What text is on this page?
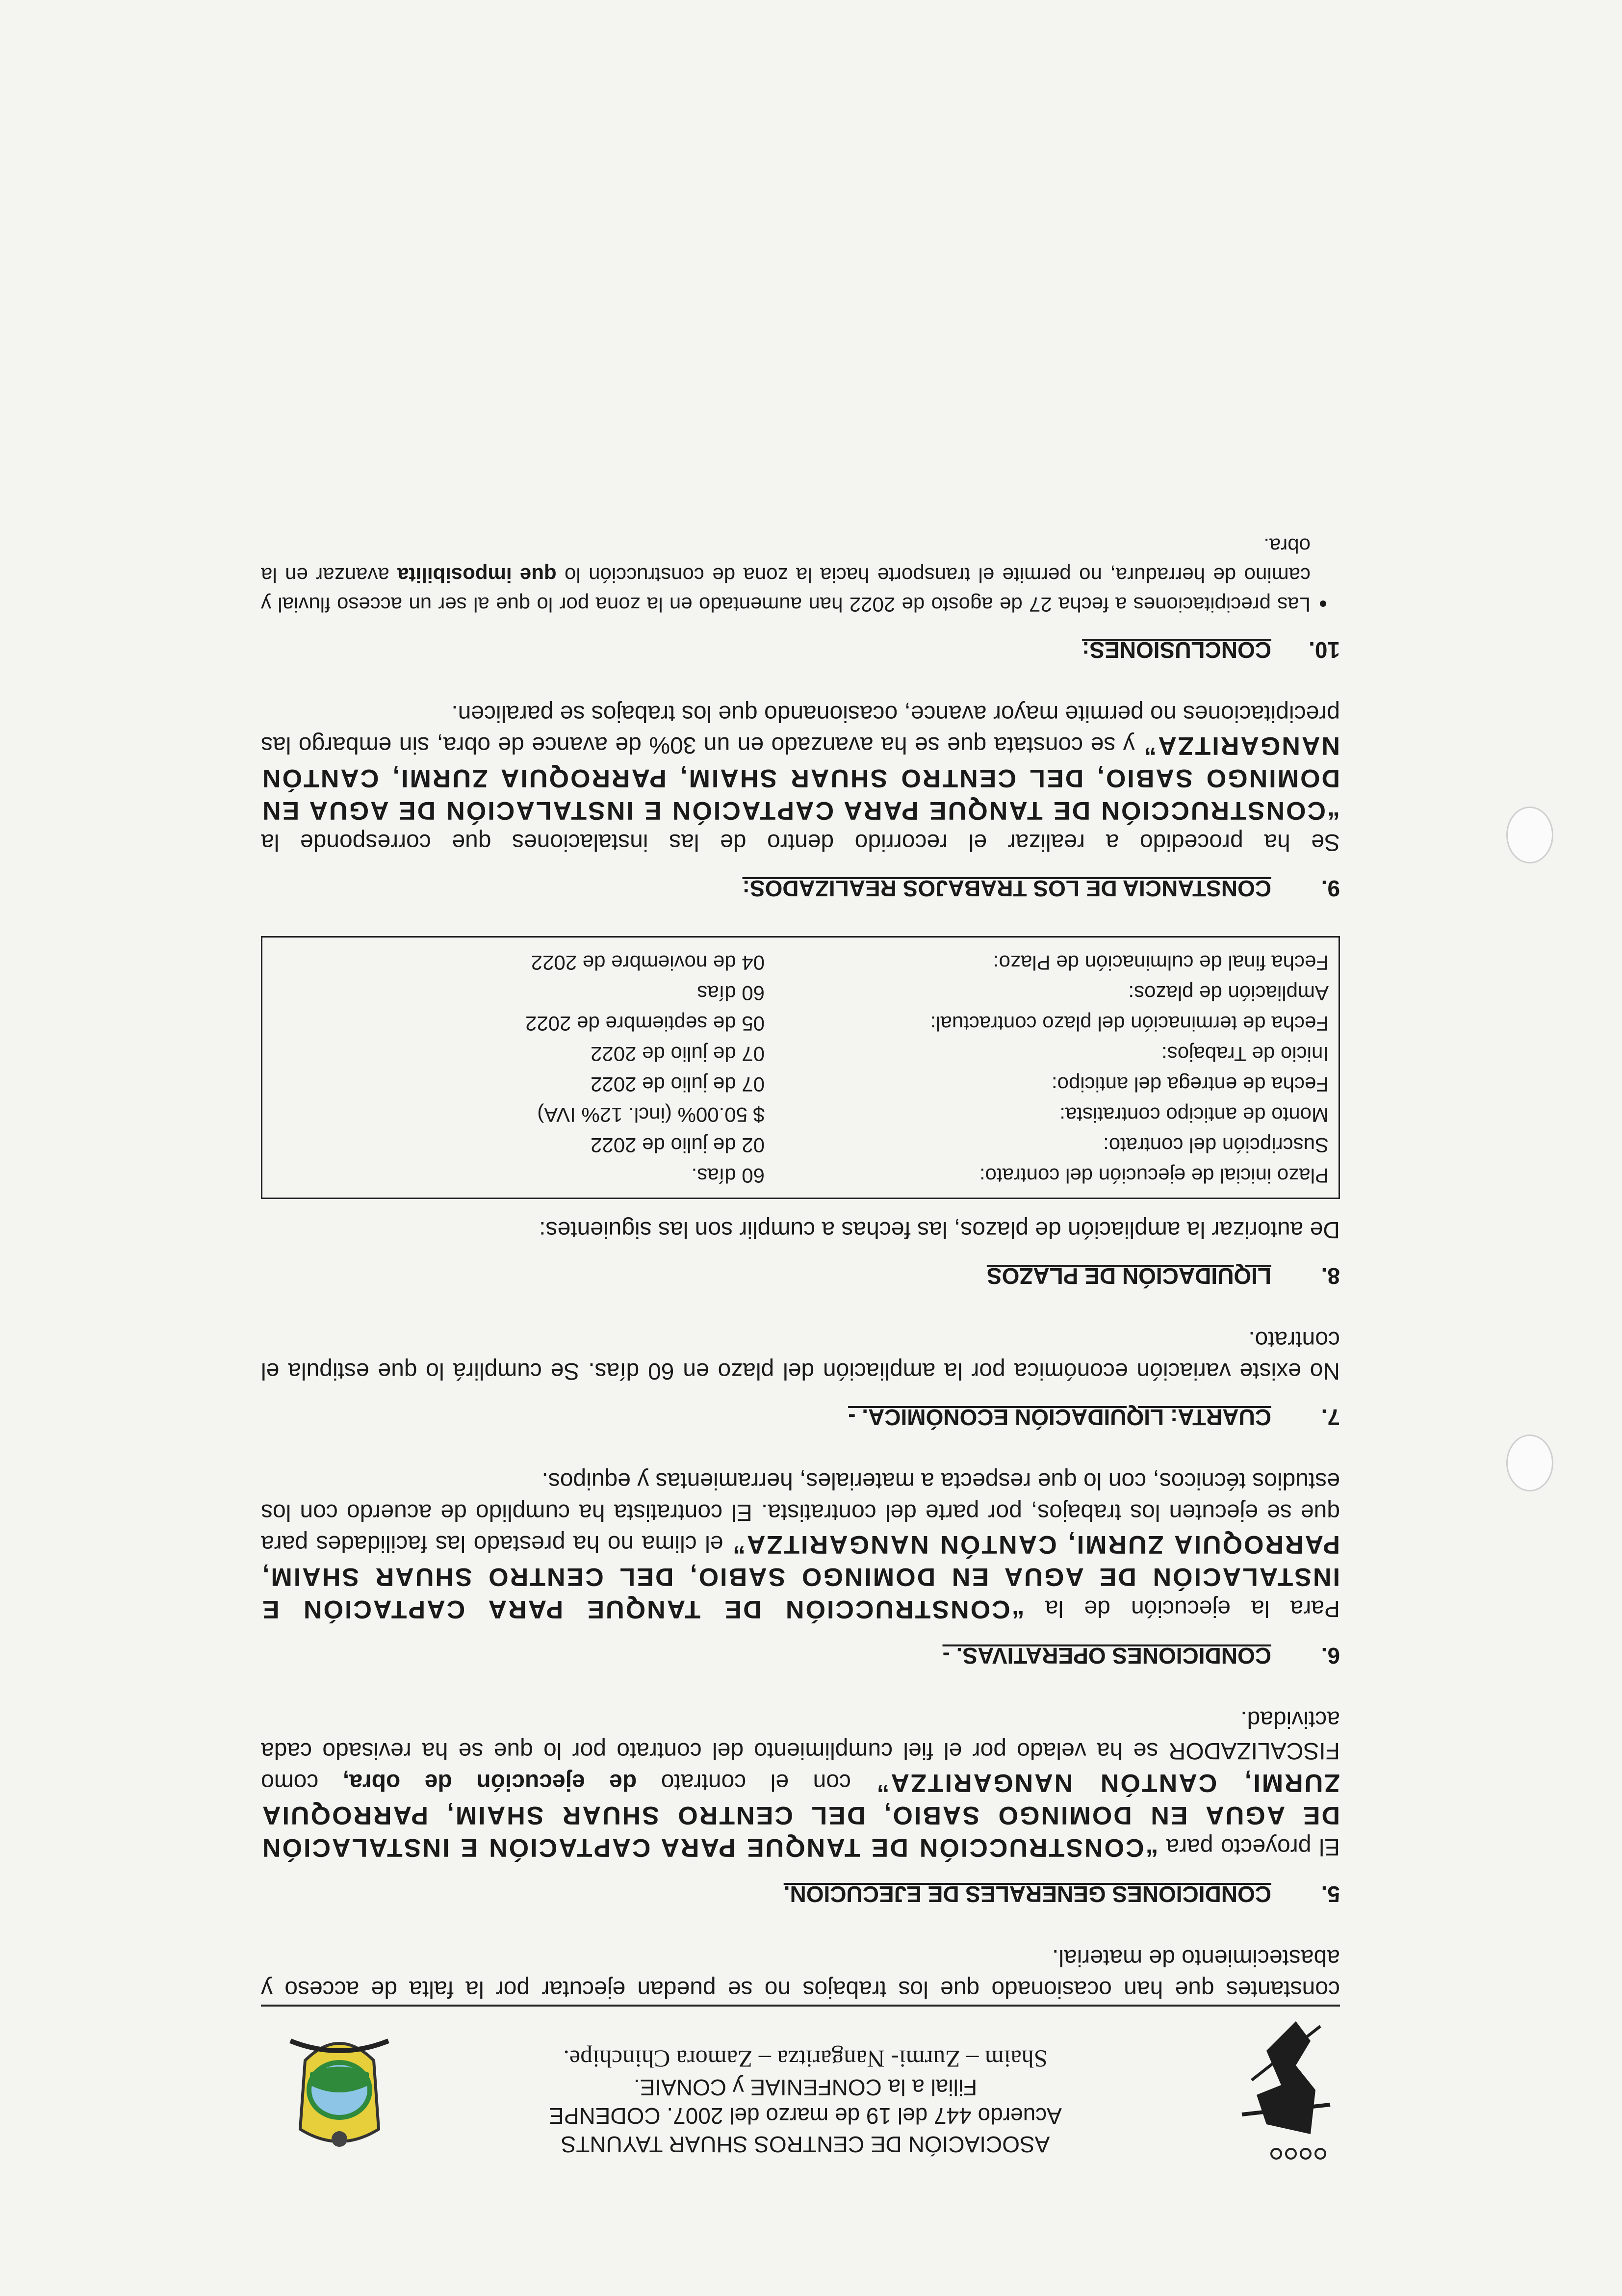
ASOCIACIÓN DE CENTROS SHUAR TAYUNTS
Acuerdo 447 del 19 de marzo del 2007. CODENPE
Filial a la CONFENIAE y CONAIE.
Shaim – Zurmi- Nangaritza – Zamora Chinchipe.

constantes que han ocasionado que los trabajos no se puedan ejecutar por la falta de acceso y abastecimiento de material.

5.CONDICIONES GENERALES DE EJECUCION.

El proyecto para “CONSTRUCCIÓN DE TANQUE PARA CAPTACIÓN E INSTALACIÓN DE AGUA EN DOMINGO SABIO, DEL CENTRO SHUAR SHAIM, PARROQUIA ZURMI, CANTÓN NANGARITZA” con el contrato de ejecución de obra, como FISCALIZADOR se ha velado por el fiel cumplimiento del contrato por lo que se ha revisado cada actividad.

6.CONDICIONES OPERATIVAS. -

Para la ejecución de la “CONSTRUCCIÓN DE TANQUE PARA CAPTACIÓN E INSTALACIÓN DE AGUA EN DOMINGO SABIO, DEL CENTRO SHUAR SHAIM, PARROQUIA ZURMI, CANTÓN NANGARITZA” el clima no ha prestado las facilidades para que se ejecuten los trabajos, por parte del contratista. El contratista ha cumplido de acuerdo con los estudios técnicos, con lo que respecta a materiales, herramientas y equipos.

7.CUARTA: LIQUIDACIÓN ECONÓMICA. -

No existe variación económica por la ampliación del plazo en 60 días. Se cumplirá lo que estipula el contrato.

8.LIQUIDACIÓN DE PLAZOS

De autorizar la ampliación de plazos, las fechas a cumplir son las siguientes:

Plazo inicial de ejecución del contrato:
60 días.
Suscripción del contrato:
02 de julio de 2022
Monto de anticipo contratista:
$ 50.00% (incl. 12% IVA)
Fecha de entrega del anticipo:
07 de julio de 2022
Inicio de Trabajos:
07 de julio de 2022
Fecha de terminación del plazo contractual:
05 de septiembre de 2022
Ampliación de plazos:
60 días
Fecha final de culminación de Plazo:
04 de noviembre de 2022
9.CONSTANCIA DE LOS TRABAJOS REALIZADOS:

Se ha procedido a realizar el recorrido dentro de las instalaciones que corresponde la “CONSTRUCCIÓN DE TANQUE PARA CAPTACIÓN E INSTALACIÓN DE AGUA EN DOMINGO SABIO, DEL CENTRO SHUAR SHAIM, PARROQUIA ZURMI, CANTÓN NANGARITZA” y se constata que se ha avanzado en un 30% de avance de obra, sin embargo las precipitaciones no permite mayor avance, ocasionando que los trabajos se paralicen.

10.CONCLUSIONES:
• Las precipitaciones a fecha 27 de agosto de 2022 han aumentado en la zona por lo que al ser un acceso fluvial y camino de herradura, no permite el transporte hacia la zona de construcción lo que imposibilita avanzar en la obra.
